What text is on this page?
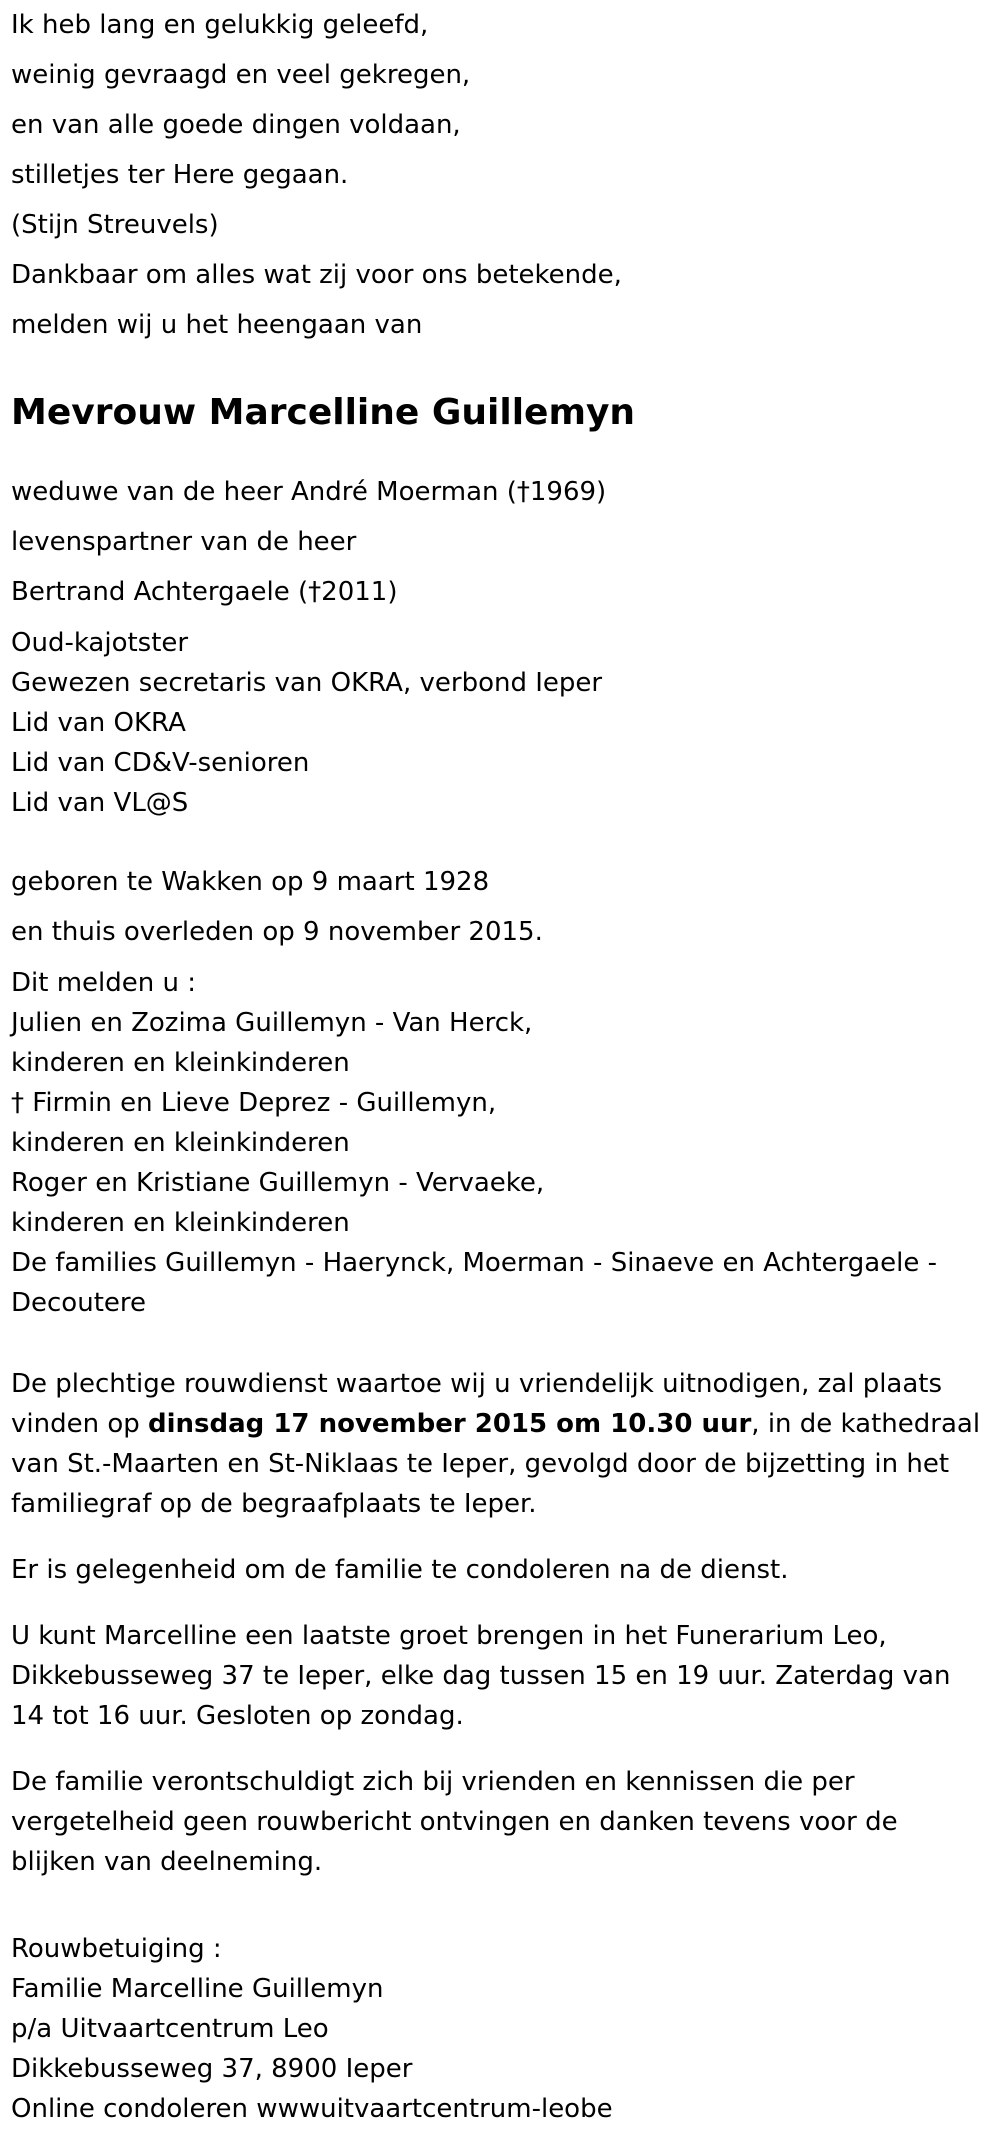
Ik heb lang en gelukkig geleefd,
weinig gevraagd en veel gekregen,
en van alle goede dingen voldaan,
stilletjes ter Here gegaan.
(Stijn Streuvels)
Dankbaar om alles wat zij voor ons betekende,
melden wij u het heengaan van
Mevrouw Marcelline Guillemyn
weduwe van de heer André Moerman (†1969)
levenspartner van de heer
Bertrand Achtergaele (†2011)
Oud-kajotster
Gewezen secretaris van OKRA, verbond Ieper
Lid van OKRA
Lid van CD&V-senioren
Lid van VL@S
geboren te Wakken op 9 maart 1928
en thuis overleden op 9 november 2015.
Dit melden u :
Julien en Zozima Guillemyn - Van Herck,
kinderen en kleinkinderen
† Firmin en Lieve Deprez - Guillemyn,
kinderen en kleinkinderen
Roger en Kristiane Guillemyn - Vervaeke,
kinderen en kleinkinderen
De families Guillemyn - Haerynck, Moerman - Sinaeve en Achtergaele -
Decoutere

De plechtige rouwdienst waartoe wij u vriendelijk uitnodigen, zal plaats vinden op dinsdag 17 november 2015 om 10.30 uur, in de kathedraal van St.-Maarten en St-Niklaas te Ieper, gevolgd door de bijzetting in het familiegraf op de begraafplaats te Ieper.

Er is gelegenheid om de familie te condoleren na de dienst.

U kunt Marcelline een laatste groet brengen in het Funerarium Leo, Dikkebusseweg 37 te Ieper, elke dag tussen 15 en 19 uur. Zaterdag van 14 tot 16 uur. Gesloten op zondag.

De familie verontschuldigt zich bij vrienden en kennissen die per vergetelheid geen rouwbericht ontvingen en danken tevens voor de blijken van deelneming.

Rouwbetuiging :
Familie Marcelline Guillemyn
p/a Uitvaartcentrum Leo
Dikkebusseweg 37, 8900 Ieper
Online condoleren wwwuitvaartcentrum-leobe
